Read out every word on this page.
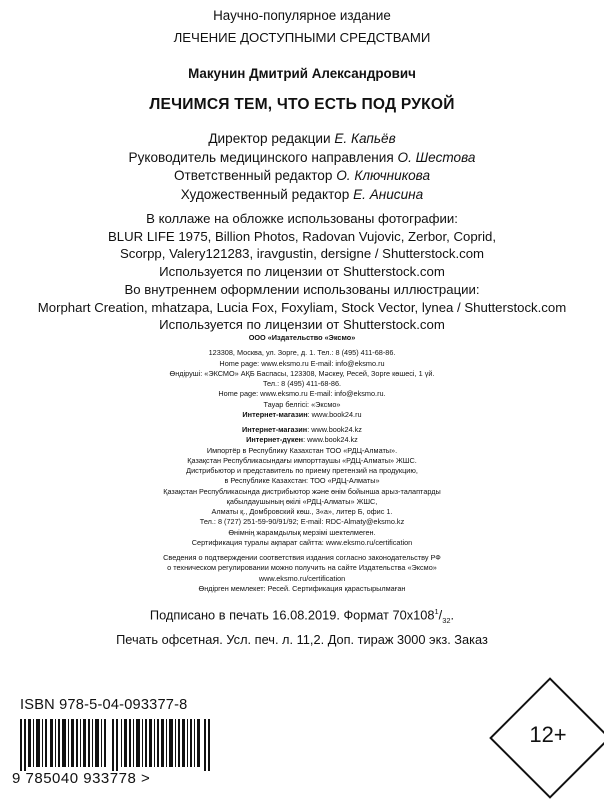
Научно-популярное издание
ЛЕЧЕНИЕ ДОСТУПНЫМИ СРЕДСТВАМИ
Макунин Дмитрий Александрович
ЛЕЧИМСЯ ТЕМ, ЧТО ЕСТЬ ПОД РУКОЙ
Директор редакции Е. Капьёв
Руководитель медицинского направления О. Шестова
Ответственный редактор О. Ключникова
Художественный редактор Е. Анисина
В коллаже на обложке использованы фотографии:
BLUR LIFE 1975, Billion Photos, Radovan Vujovic, Zerbor, Coprid,
Scorpp, Valery121283, iravgustin, dersigne / Shutterstock.com
Используется по лицензии от Shutterstock.com
Во внутреннем оформлении использованы иллюстрации:
Morphart Creation, mhatzapa, Lucia Fox, Foxyliam, Stock Vector, lynea / Shutterstock.com
Используется по лицензии от Shutterstock.com
ООО «Издательство «Эксмо»
123308, Москва, ул. Зорге, д. 1. Тел.: 8 (495) 411-68-86.
Home page: www.eksmo.ru E-mail: info@eksmo.ru
Өндіруші: «ЭКСМО» АҚБ Баспасы, 123308, Мәскеу, Ресей, Зорге көшесі, 1 үй.
Тел.: 8 (495) 411-68-86.
Home page: www.eksmo.ru E-mail: info@eksmo.ru.
Тауар белгісі: «Эксмо»
Интернет-магазин: www.book24.ru
Интернет-магазин: www.book24.kz
Интернет-дүкен: www.book24.kz
Импортёр в Республику Казахстан ТОО «РДЦ-Алматы».
Қазақстан Республикасындағы импорттаушы «РДЦ-Алматы» ЖШС.
Дистрибьютор и представитель по приему претензий на продукцию,
в Республике Казахстан: ТОО «РДЦ-Алматы»
Қазақстан Республикасында дистрибьютор және өнім бойынша арыз-талаптарды
қабылдаушының өкілі «РДЦ-Алматы» ЖШС,
Алматы қ., Домбровский көш., 3«а», литер Б, офис 1.
Тел.: 8 (727) 251-59-90/91/92; E-mail: RDC-Almaty@eksmo.kz
Өнімнің жарамдылық мерзімі шектелмеген.
Сертификация туралы ақпарат сайтта: www.eksmo.ru/certification
Сведения о подтверждении соответствия издания согласно законодательству РФ
о техническом регулировании можно получить на сайте Издательства «Эксмо»
www.eksmo.ru/certification
Өндірген мемлекет: Ресей. Сертификация қарастырылмаған
Подписано в печать 16.08.2019. Формат $70х108^1/_{32}$.
Печать офсетная. Усл. печ. л. 11,2. Доп. тираж 3000 экз. Заказ
ISBN 978-5-04-093377-8
9 785040 933778 >
12+
